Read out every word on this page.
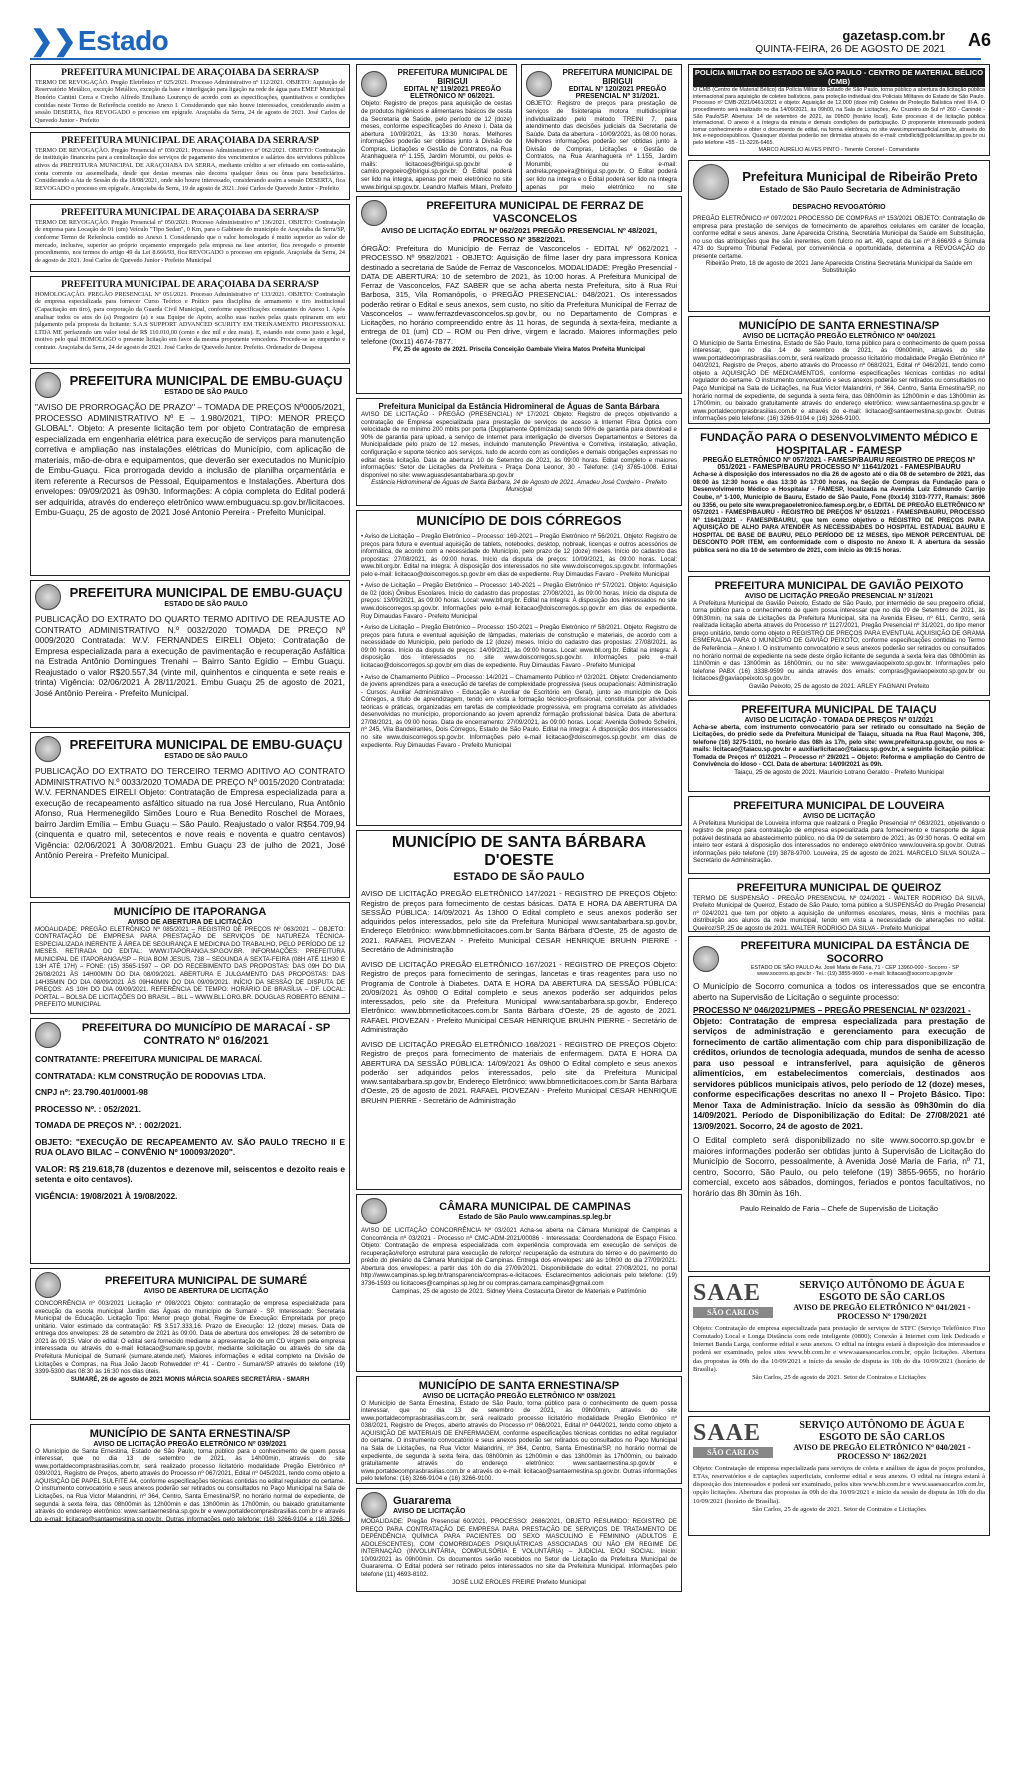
❯❯Estado	gazetasp.com.br
QUINTA-FEIRA, 26 DE AGOSTO DE 2021 A6
PREFEITURA MUNICIPAL DE ARAÇOIABA DA SERRA/SP
TERMO DE REVOGAÇÃO. Pregão Eletrônico nº 025/2021. Processo Administrativo nº 112/2021. OBJETO: Aquisição de Reservatório Metálico, exceção Metálico, exceção da base e interligação para ligação na rede de água para EMEF Municipal Honório Cantini Cerca e Crecho Alfredo Emiliano Lourenço de acordo com as especificações, quantitativos e condições contidas neste Termo de Referência contido no Anexo I. Considerando que não houve interessados, considerando assim a sessão DESERTA, fica REVOGADO o processo em epígrafe. Araçoiaba da Serra, 24 de agosto de 2021. José Carlos de Quevedo Junior - Prefeito
PREFEITURA MUNICIPAL DE ARAÇOIABA DA SERRA/SP
TERMO DE REVOGAÇÃO. Pregão Presencial nº 030/2021. Processo Administrativo nº 062/2021. OBJETO: Contratação de instituição financeira para a centralização dos serviços de pagamento dos vencimentos e salários dos servidores públicos ativos da PREFEITURA MUNICIPAL DE ARAÇOIABA DA SERRA, mediante crédito a ser efetuado em conta-salário, conta corrente ou assemelhada, desde que destas mesmas não decorra qualquer ônus ou ônus para beneficiários. Considerando a Ata de Sessão do dia 18/08/2021, onde não houve interessado, considerando assim a sessão DESERTA, fica REVOGADO o processo em epígrafe. Araçoiaba da Serra, 19 de agosto de 2021. José Carlos de Quevedo Junior - Prefeito
PREFEITURA MUNICIPAL DE ARAÇOIABA DA SERRA/SP
TERMO DE REVOGAÇÃO. Pregão Presencial nº 050/2021. Processo Administrativo nº 136/2021. OBJETO: Contratação de empresa para Locação de 01 (um) Veículo "Tipo Sedan", 0 Km, para o Gabinete do município de Araçoiaba da Serra/SP, conforme Termo de Referência contido no Anexo I. Considerando que o valor homologado é muito superior ao valor de mercado, inclusive, superior ao próprio orçamento empregado pela empresa na fase anterior, fica revogado o presente procedimento, nos termos do artigo 49 da Lei 8.666/93, fica REVOGADO o processo em epígrafe. Araçoiaba da Serra, 24 de agosto de 2021. José Carlos de Quevedo Junior - Prefeito Municipal
PREFEITURA MUNICIPAL DE ARAÇOIABA DA SERRA/SP
HOMOLOGAÇÃO. PREGÃO PRESENCIAL Nº 051/2021. Processo Administrativo nº 133/2021. OBJETO: Contratação de empresa especializada para fornecer Curso Teórico e Prático para disciplina de armamento e tiro institucional (Capacitação em tiro), para corporação da Guarda Civil Municipal, conforme especificações constantes do Anexo I. Após analisar todos os atos do (a) Pregoeiro (a) e sua Equipe de Apoio, acolho suas razões pelas quais opinaram em seu julgamento pela proposta da licitante: S.A.S SUPPORT ADVANCED SCURITY EM TREINAMENTO PROFISSIONAL LTDA ME perfazendo um valor total de R$ 110.010,00 (cento e dez mil e dez reais). E, estando este como justo e legal, motivo pelo qual HOMOLOGO o presente licitação em favor da mesma proponente vencedora. Procede-se ao empenho e contrato. Araçoiaba da Serra, 24 de agosto de 2021. José Carlos de Quevedo Junior. Prefeito. Ordenador de Despesa
PREFEITURA MUNICIPAL DE EMBU-GUAÇU
ESTADO DE SÃO PAULO
"AVISO DE PRORROGAÇÃO DE PRAZO" – TOMADA DE PREÇOS Nº0005/2021, PROCESSO ADMINISTRATIVO Nº E – 1.980/2021, TIPO: MENOR PREÇO GLOBAL". Objeto: A presente licitação tem por objeto Contratação de empresa especializada em engenharia elétrica para execução de serviços para manutenção corretiva e ampliação nas instalações elétricas do Município, com aplicação de materiais, mão-de-obra e equipamentos, que deverão ser executados no Município de Embu-Guaçu. Fica prorrogada devido a inclusão de planilha orçamentária e item referente a Recursos de Pessoal, Equipamentos e Instalações. Abertura dos envelopes: 09/09/2021 às 09h30. Informações: A cópia completa do Edital poderá ser adquirida, através do endereço eletrônico www.embuguacu.sp.gov.br/licitacoes. Embu-Guaçu, 25 de agosto de 2021 José Antonio Pereira - Prefeito Municipal.
PREFEITURA MUNICIPAL DE EMBU-GUAÇU
ESTADO DE SÃO PAULO
PUBLICAÇÃO DO EXTRATO DO QUARTO TERMO ADITIVO DE REAJUSTE AO CONTRATO ADMINISTRATIVO N.º 0032/2020 TOMADA DE PREÇO Nº 0009/2020 Contratada: W.V. FERNANDES EIRELI Objeto: Contratação de Empresa especializada para a execução de pavimentação e recuperação Asfáltica na Estrada Antônio Domingues Trenahi – Bairro Santo Egídio – Embu Guaçu. Reajustado o valor R$20.557,34 (vinte mil, quinhentos e cinquenta e sete reais e trinta) Vigência: 02/06/2021 À 28/11/2021. Embu Guaçu 25 de agosto de 2021, José Antônio Pereira - Prefeito Municipal.
PREFEITURA MUNICIPAL DE EMBU-GUAÇU
ESTADO DE SÃO PAULO
PUBLICAÇÃO DO EXTRATO DO TERCEIRO TERMO ADITIVO AO CONTRATO ADMINISTRATIVO N.º 0033/2020 TOMADA DE PREÇO Nº 0015/2020 Contratada: W.V. FERNANDES EIRELI Objeto: Contratação de Empresa especializada para a execução de recapeamento asfáltico situado na rua José Herculano, Rua Antônio Afonso, Rua Hermenegildo Simões Louro e Rua Benedito Roschel de Moraes, bairro Jardim Emília – Embu Guaçu – São Paulo. Reajustado o valor R$54.709,94 (cinquenta e quatro mil, setecentos e nove reais e noventa e quatro centavos) Vigência: 02/06/2021 À 30/08/2021. Embu Guaçu 23 de julho de 2021, José Antônio Pereira - Prefeito Municipal.
MUNICÍPIO DE ITAPORANGA
AVISO DE ABERTURA DE LICITAÇÃO
MODALIDADE: PREGÃO ELETRÔNICO Nº 085/2021 – REGISTRO DE PREÇOS Nº 063/2021 – OBJETO: CONTRATAÇÃO DE EMPRESA PARA PRESTAÇÃO DE SERVIÇOS DE NATUREZA TÉCNICA-ESPECIALIZADA INERENTE À ÁREA DE SEGURANÇA E MEDICINA DO TRABALHO, PELO PERÍODO DE 12 MESES. RETIRADA DO EDITAL: WWW.ITAPORANGA.SP.GOV.BR. INFORMAÇÕES: PREFEITURA MUNICIPAL DE ITAPORANGA/SP – RUA BOM JESUS, 738 – SEGUNDA A SEXTA-FEIRA (08H ATÉ 11H30 E 13H ATÉ 17H) – FONE: (15) 3565-1597 – OP. DO RECEBIMENTO DAS PROPOSTAS: DAS 09H DO DIA 26/08/2021 ÀS 14H00MIN DO DIA 08/09/2021. ABERTURA E JULGAMENTO DAS PROPOSTAS: DAS 14H35MIN DO DIA 08/09/2021 ÀS 09H40MIN DO DIA 09/09/2021. INÍCIO DA SESSÃO DE DISPUTA DE PREÇOS: AS 10H DO DIA 09/09/2021. REFERÊNCIA DE TEMPO: HORÁRIO DE BRASÍLIA – DF. LOCAL: PORTAL – BOLSA DE LICITAÇÕES DO BRASIL – BLL – WWW.BLL.ORG.BR. DOUGLAS ROBERTO BENINI – PREFEITO MUNICIPAL
PREFEITURA DO MUNICÍPIO DE MARACAÍ - SP
CONTRATO Nº 016/2021
CONTRATANTE: PREFEITURA MUNICIPAL DE MARACAÍ.
CONTRATADA: KLM CONSTRUÇÃO DE RODOVIAS LTDA.
CNPJ nº: 23.790.401/0001-98
PROCESSO Nº. : 052/2021.
TOMADA DE PREÇOS Nº. : 002/2021.
OBJETO: "EXECUÇÃO DE RECAPEAMENTO AV. SÃO PAULO TRECHO II E RUA OLAVO BILAC – CONVÊNIO Nº 100093/2020".
VALOR: R$ 219.618,78 (duzentos e dezenove mil, seiscentos e dezoito reais e setenta e oito centavos).
VIGÊNCIA: 19/08/2021 À 19/08/2022.
PREFEITURA MUNICIPAL DE SUMARÉ
AVISO DE ABERTURA DE LICITAÇÃO
CONCORRÊNCIA nº 003/2021 Licitação nº 098/2021 Objeto: contratação de empresa especializada para execução da escola municipal Jardim das Águas do município de Sumaré - SP. Interessado: Secretaria Municipal de Educação. Licitação Tipo: Menor preço global. Regime de Execução: Empreitada por preço unitário. Valor estimado da contratação: R$ 3.517.333,16. Prazo de Execução: 12 (doze) meses. Data de entrega dos envelopes: 28 de setembro de 2021 às 09:00. Data de abertura dos envelopes: 28 de setembro de 2021 às 09:15. Valor do edital: O edital será fornecido mediante a apresentação de um CD virgem pela empresa interessada ou através do e-mail licitacao@sumare.sp.gov.br, mediante solicitação ou através do site da Prefeitura Municipal de Sumaré (sumare.atende.net). Maiores informações e edital completo na Divisão de Licitações e Compras, na Rua João Jacob Rohwedder nº 41 - Centro - Sumaré/SP através do telefone (19) 3399-5300 das 08:30 às 16:30 nos dias úteis.
SUMARÉ, 26 de agosto de 2021 MONIS MÁRCIA SOARES SECRETÁRIA - SMARH
MUNICÍPIO DE SANTA ERNESTINA/SP
AVISO DE LICITAÇÃO PREGÃO ELETRÔNICO Nº 039/2021
O Município de Santa Ernestina, Estado de São Paulo, torna público para o conhecimento de quem possa interessar, que no dia 13 de setembro de 2021, às 14h00min, através do site www.portaldecomprasbrasilias.com.br, será realizado processo licitatório modalidade Pregão Eletrônico nº 039/2021, Registro de Preços, aberto através do Processo nº 067/2021, Edital nº 045/2021, tendo como objeto a AQUISIÇÃO DE PAPEL SULFITE A4, conforme especificações técnicas contidas no edital regulador do certame. O instrumento convocatório e seus anexos poderão ser retirados ou consultados no Paço Municipal na Sala de Licitações, na Rua Victor Malandrini, nº 364, Centro, Santa Ernestina/SP, no horário normal de expediente, de segunda à sexta feira, das 08h00min às 12h00min e das 13h00min às 17h00min, ou baixado gratuitamente através do endereço eletrônico: www.santaernestina.sp.gov.br e www.portaldecomprasbrasilias.com.br e através do e-mail: licitacao@santaernestina.sp.gov.br. Outras informações pelo telefone: (16) 3266-9104 e (16) 3266-
PREFEITURA MUNICIPAL DE BIRIGUI
EDITAL Nº 119/2021 PREGÃO ELETRÔNICO Nº 06/2021.
Objeto: Registro de preços para aquisição de cestas de produtos higiênicos e alimentares básicos de cesta da Secretaria de Saúde, pelo período de 12 (doze) meses, conforme especificações do Anexo I. Data da abertura 10/09/2021, às 13:30 horas. Melhores informações poderão ser obtidas junto à Divisão de Compras, Licitações e Gestão de Contratos, na Rua Aranhaguera nº 1.155, Jardim Morumbi, ou pelos e-mails: licitacoes@birigui.sp.gov.br e camilo.pregoeiro@birigui.sp.gov.br. O Edital poderá ser lido na íntegra, apenas por meio eletrônico no site www.birigui.sp.gov.br. Leandro Maffeis Milani, Prefeito
PREFEITURA MUNICIPAL DE BIRIGUI
EDITAL Nº 120/2021 PREGÃO PRESENCIAL Nº 31/2021.
OBJETO: Registro de preços para prestação de serviços de fisioterapia motora multidisciplinar individualizado pelo método TREINI 7, para atendimento das decisões judiciais da Secretaria de Saúde. Data da abertura - 10/09/2021, às 08:00 horas. Melhores informações poderão ser obtidas junto à Divisão de Compras, Licitações e Gestão de Contratos, na Rua Aranhaguera nº 1.155, Jardim Morumbi, ou e-mail: andrela.pregoeira@birigui.sp.gov.br. O Edital poderá ser lido na íntegra e o Edital poderá ser lido na íntegra apenas por meio eletrônico no site
PREFEITURA MUNICIPAL DE FERRAZ DE VASCONCELOS
AVISO DE LICITAÇÃO EDITAL Nº 062/2021 PREGÃO PRESENCIAL Nº 48/2021, PROCESSO Nº 3582/2021.
ÓRGÃO: Prefeitura do Município de Ferraz de Vasconcelos - EDITAL Nº 062/2021 - PROCESSO Nº 9582/2021 - OBJETO: Aquisição de filme laser dry para impressora Konica destinado a secretaria de Saúde de Ferraz de Vasconcelos. MODALIDADE: Pregão Presencial - DATA DE ABERTURA: 10 de setembro de 2021, às 10:00 horas. A Prefeitura Municipal de Ferraz de Vasconcelos, FAZ SABER que se acha aberta nesta Prefeitura, sito à Rua Rui Barbosa, 315, Vila Romanópolis, o PREGÃO PRESENCIAL: 048/2021. Os interessados poderão retirar o Edital e seus anexos, sem custo, no sítio da Prefeitura Municipal de Ferraz de Vasconcelos – www.ferrazdevasconcelos.sp.gov.br, ou no Departamento de Compras e Licitações, no horário compreendido entre às 11 horas, de segunda à sexta-feira, mediante a entrega de 01 (um) CD – ROM ou Pen drive, virgem e lacrado. Maiores informações pelo telefone (0xx11) 4674-7877.
FV, 25 de agosto de 2021. Priscila Conceição Gambale Vieira Matos Prefeita Municipal
Prefeitura Municipal da Estância Hidromineral de Águas de Santa Bárbara
AVISO DE LICITAÇÃO - PREGÃO (PRESENCIAL) Nº 17/2021 Objeto: Registro de preços objetivando a contratação de Empresa especializada para prestação de serviços de acesso à Internet Fibra Óptica com velocidade de no mínimo 200 mbits por porta (Dupplamente Optimizada) sendo 90% de garantia para download e 90% de garantia para upload, a serviço de Internet para interligação de diversos Departamentos e Setores da Municipalidade pelo prazo de 12 meses, incluindo manutenção Preventiva e Corretiva, instalação, ativação, configuração e suporte técnico aos serviços, tudo de acordo com as condições e demais obrigações expressas no edital desta licitação. Data de abertura: 10 de Setembro de 2021, às 09:00 horas. Edital completo e maiores informações: Setor de Licitações da Prefeitura - Praça Dona Leonor, 30 - Telefone: (14) 3765-1008. Edital disponível no site: www.aguasdesantabarbara.sp.gov.br
Estância Hidromineral de Águas de Santa Bárbara, 24 de Agosto de 2021. Amadeu José Cordeiro - Prefeito Municipal
MUNICÍPIO DE DOIS CÓRREGOS
• Aviso de Licitação – Pregão Eletrônico – Processo: 169-2021 – Pregão Eletrônico nº 56/2021. Objeto: Registro de preços para futura e eventual aquisição de tablets, notebooks, desktop, nobreak, licenças e outros acessórios de informática, de acordo com a necessidade do Município, pelo prazo de 12 (doze) meses. Início do cadastro das propostas: 27/08/2021, às 09:00 horas. Início da disputa de preços: 10/09/2021, às 09:00 horas. Local: www.bll.org.br. Edital na íntegra: À disposição dos interessados no site www.doiscorregos.sp.gov.br. Informações pelo e-mail: licitacao@doiscorregos.sp.gov.br em dias de expediente. Ruy Dimaudas Favaro - Prefeito Municipal
• Aviso de Licitação – Pregão Eletrônico – Processo: 140-2021 – Pregão Eletrônico nº 57/2021. Objeto: Aquisição de 02 (dois) Ônibus Escolares. Início do cadastro das propostas: 27/08/2021, às 09:00 horas. Início da disputa de preços: 13/09/2021, às 09:00 horas. Local: www.bll.org.br. Edital na íntegra: À disposição dos interessados no site www.doiscorregos.sp.gov.br. Informações pelo e-mail licitacao@doiscorregos.sp.gov.br em dias de expediente. Ruy Dimaudas Favaro - Prefeito Municipal
• Aviso de Licitação – Pregão Eletrônico – Processo: 150-2021 – Pregão Eletrônico nº 58/2021. Objeto: Registro de preços para futura e eventual aquisição de lâmpadas, materiais de construção e materiais, de acordo com a necessidade do Município, pelo período de 12 (doze) meses. Início do cadastro das propostas: 27/08/2021, às 09:00 horas. Início da disputa de preços: 14/09/2021, às 09:00 horas. Local: www.bll.org.br. Edital na íntegra: À disposição dos interessados no site www.doiscorregos.sp.gov.br. Informações pelo e-mail licitacao@doiscorregos.sp.gov.br em dias de expediente. Ruy Dimaudas Favaro - Prefeito Municipal
• Aviso de Chamamento Público – Processo: 14/2021 – Chamamento Público nº 02/2021. Objeto: Credenciamento de jovens aprendizes para a execução de tarefas de complexidade progressiva (seus ocupacionais: Administração - Cursos: Auxiliar Administrativo - Educação e Auxiliar de Escritório em Geral), junto ao município de Dois Córregos, a título de aprendizagem, tendo em vista a formação técnico-profissional, constituída por atividades teóricas e práticas, organizadas em tarefas de complexidade progressiva, em programa correlato às atividades desenvolvidas no município, proporcionando ao jovem aprendiz formação profissional básica. Data de abertura: 27/08/2021, às 09:00 horas. Data de encerramento: 27/09/2021, às 09:00 horas. Local: Avenida Gofredo Schelini, nº 245, Vila Bandeirantes, Dois Córregos, Estado de São Paulo. Edital na íntegra: À disposição dos interessados no site www.doiscorregos.sp.gov.br. Informações pelo e-mail licitacao@doiscorregos.sp.gov.br em dias de expediente. Ruy Dimaudas Favaro - Prefeito Municipal
MUNICÍPIO DE SANTA BÁRBARA D'OESTE
ESTADO DE SÃO PAULO
AVISO DE LICITAÇÃO PREGÃO ELETRÔNICO 147/2021 - REGISTRO DE PREÇOS Objeto: Registro de preços para fornecimento de cestas básicas. DATA E HORA DA ABERTURA DA SESSÃO PÚBLICA: 14/09/2021 Às 13h00 O Edital completo e seus anexos poderão ser adquiridos pelos interessados, pelo site da Prefeitura Municipal www.santabarbara.sp.gov.br, Endereço Eletrônico: www.bbmnetlicitacoes.com.br Santa Bárbara d'Oeste, 25 de agosto de 2021. RAFAEL PIOVEZAN - Prefeito Municipal CESAR HENRIQUE BRUHN PIERRE - Secretário de Administração
AVISO DE LICITAÇÃO PREGÃO ELETRÔNICO 167/2021 - REGISTRO DE PREÇOS Objeto: Registro de preços para fornecimento de seringas, lancetas e tiras reagentes para uso no Programa de Controle à Diabetes. DATA E HORA DA ABERTURA DA SESSÃO PÚBLICA: 20/09/2021 Às 09h00 O Edital completo e seus anexos poderão ser adquiridos pelos interessados, pelo site da Prefeitura Municipal www.santabarbara.sp.gov.br, Endereço Eletrônico: www.bbmnetlicitacoes.com.br Santa Bárbara d'Oeste, 25 de agosto de 2021. RAFAEL PIOVEZAN - Prefeito Municipal CESAR HENRIQUE BRUHN PIERRE - Secretário de Administração
AVISO DE LICITAÇÃO PREGÃO ELETRÔNICO 168/2021 - REGISTRO DE PREÇOS Objeto: Registro de preços para fornecimento de materiais de enfermagem. DATA E HORA DA ABERTURA DA SESSÃO PÚBLICA: 14/09/2021 Às 09h00 O Edital completo e seus anexos poderão ser adquiridos pelos interessados, pelo site da Prefeitura Municipal www.santabarbara.sp.gov.br, Endereço Eletrônico: www.bbmnetlicitacoes.com.br Santa Bárbara d'Oeste, 25 de agosto de 2021. RAFAEL PIOVEZAN - Prefeito Municipal CESAR HENRIQUE BRUHN PIERRE - Secretário de Administração
CÂMARA MUNICIPAL DE CAMPINAS
Estado de São Paulo www.campinas.sp.leg.br
AVISO DE LICITAÇÃO CONCORRÊNCIA Nº 03/2021 Acha-se aberta na Câmara Municipal de Campinas a Concorrência nº 03/2021 - Processo nº CMC-ADM-2021/00086 - Interessada: Coordenadoria de Espaço Físico. Objeto: Contratação de empresa especializada com experiência comprovada em execução de serviços de recuperação/reforço estrutural para execução de reforço/ recuperação da estrutura do térreo e do pavimento do prédio do plenário da Câmara Municipal de Campinas. Entrega dos envelopes: até às 10h00 do dia 27/09/2021. Abertura dos envelopes: a partir das 10h do dia 27/09/2021. Disponibilidade do edital: 27/08/2021, no portal http://www.campinas.sp.leg.br/transparencia/compras-e-licitacoes. Esclarecimentos adicionais pelo telefone: (19) 3736-1593 ou licitacoes@campinas.sp.leg.br ou compras.camara.campinas@gmail.com
Campinas, 25 de agosto de 2021. Sidney Vieira Costacurta Diretor de Materiais e Patrimônio
MUNICÍPIO DE SANTA ERNESTINA/SP
AVISO DE LICITAÇÃO PREGÃO ELETRÔNICO Nº 038/2021
O Município de Santa Ernestina, Estado de São Paulo, torna público para o conhecimento de quem possa interessar, que no dia 13 de setembro de 2021, às 09h00min, através do site www.portaldecomprasbrasilias.com.br, será realizado processo licitatório modalidade Pregão Eletrônico nº 038/2021, Registro de Preços, aberto através do Processo nº 066/2021, Edital nº 044/2021, tendo como objeto a AQUISIÇÃO DE MATERIAIS DE ENFERMAGEM, conforme especificações técnicas contidas no edital regulador do certame. O instrumento convocatório e seus anexos poderão ser retirados ou consultados no Paço Municipal na Sala de Licitações, na Rua Victor Malandrini, nº 364, Centro, Santa Ernestina/SP, no horário normal de expediente, de segunda à sexta feira, das 08h00min às 12h00min e das 13h00min às 17h00min, ou baixado gratuitamente através do endereço eletrônico: www.santaernestina.sp.gov.br e www.portaldecomprasbrasilias.com.br e através do e-mail: licitacao@santaernestina.sp.gov.br. Outras informações pelo telefone: (16) 3266-9104 e (16) 3266-9100.
Guararema
AVISO DE LICITAÇÃO
MODALIDADE: Pregão Presencial 60/2021, PROCESSO: 2686/2021, OBJETO RESUMIDO: REGISTRO DE PREÇO PARA CONTRATAÇÃO DE EMPRESA PARA PRESTAÇÃO DE SERVIÇOS DE TRATAMENTO DE DEPENDÊNCIA QUÍMICA PARA PACIENTES DO SEXO MASCULINO E FEMININO (ADULTOS E ADOLESCENTES), COM COMORBIDADES PSIQUIÁTRICAS ASSOCIADAS OU NÃO EM REGIME DE INTERNAÇÃO (INVOLUNTÁRIA, COMPULSÓRIA E VOLUNTÁRIA) – JUDICIAL E/OU SOCIAL. Início: 10/09/2021 às 09h00min. Os documentos serão recebidos no Setor de Licitação da Prefeitura Municipal de Guararema. O Edital poderá ser retirado pelos interessados no site da Prefeitura Municipal. Informações pelo telefone (11) 4693-8102.
JOSÉ LUIZ EROLES FREIRE Prefeito Municipal
POLÍCIA MILITAR DO ESTADO DE SÃO PAULO - CENTRO DE MATERIAL BÉLICO (CMB)
O CMB (Centro de Material Bélico) da Polícia Militar do Estado de São Paulo, torna público a abertura da licitação pública internacional para aquisição de coletes balísticos, para proteção individual dos Policiais Militares do Estado de São Paulo. Processo nº CMB-2021/0461/2021 e objeto: Aquisição de 12.000 (doze mil) Coletes de Proteção Balística nível III-A. O procedimento será realizado no dia 14/09/2021, às 09h00, na Sala de Licitações, Av. Cruzeiro do Sul nº 260 - Canindé - São Paulo/SP. Abertura: 14 de setembro de 2021, às 09h00 (horário local). Este processo é de licitação pública internacional. O anexo é a íntegra da minuta e demais condições de participação. O proponente interessado poderá tomar conhecimento e obter o documento de edital, na forma eletrônica, no site www.imprensaoficial.com.br, através do link e-negociospublicos. Quaisquer dúvidas poderão ser dirimidas através do e-mail: cmbdlicit@policiamilitar.sp.gov.br ou pelo telefone +55 - 11-3226-6465.
MARCO AURÉLIO ALVES PINTO - Tenente Coronel - Comandante
Prefeitura Municipal de Ribeirão Preto
Estado de São Paulo Secretaria de Administração
DESPACHO REVOGATÓRIO
PREGÃO ELETRÔNICO nº 097/2021 PROCESSO DE COMPRAS nº 153/2021 OBJETO: Contratação de empresa para prestação de serviços de fornecimento de aparelhos celulares em caráter de locação, conforme edital e seus anexos. Jane Aparecida Cristina, Secretária Municipal da Saúde em Substituição, no uso das atribuições que lhe são inerentes, com fulcro no art. 49, caput da Lei nº 8.666/93 e Súmula 473 do Supremo Tribunal Federal, por conveniência e oportunidade, determina a REVOGAÇÃO do presente certame.
Ribeirão Preto, 18 de agosto de 2021 Jane Aparecida Cristina Secretária Municipal da Saúde em Substituição
MUNICÍPIO DE SANTA ERNESTINA/SP
AVISO DE LICITAÇÃO PREGÃO ELETRÔNICO Nº 040/2021
O Município de Santa Ernestina, Estado de São Paulo, torna público para o conhecimento de quem possa interessar, que no dia 14 de setembro de 2021, às 09h00min, através do site www.portaldecomprasbrasilias.com.br, será realizado processo licitatório modalidade Pregão Eletrônico nº 040/2021, Registro de Preços, aberto através do Processo nº 068/2021, Edital nº 046/2021, tendo como objeto a AQUISIÇÃO DE MEDICAMENTOS, conforme especificações técnicas contidas no edital regulador do certame. O instrumento convocatório e seus anexos poderão ser retirados ou consultados no Paço Municipal na Sala de Licitações, na Rua Victor Malandrini, nº 364, Centro, Santa Ernestina/SP, no horário normal de expediente, de segunda à sexta feira, das 08h00min às 12h00min e das 13h00min às 17h00min, ou baixado gratuitamente através do endereço eletrônico: www.santaernestina.sp.gov.br e www.portaldecomprasbrasilias.com.br e através do e-mail: licitacao@santaernestina.sp.gov.br. Outras informações pelo telefone: (16) 3266-9104 e (16) 3266-9100.
FUNDAÇÃO PARA O DESENVOLVIMENTO MÉDICO E HOSPITALAR - FAMESP
PREGÃO ELETRÔNICO Nº 057/2021 - FAMESP/BAURU REGISTRO DE PREÇOS Nº 051/2021 - FAMESP/BAURU PROCESSO Nº 11641/2021 - FAMESP/BAURU
Acha-se à disposição dos interessados no dia 26 de agosto até o dia 08 de setembro de 2021, das 08:00 às 12:30 horas e das 13:30 às 17:00 horas, na Seção de Compras da Fundação para o Desenvolvimento Médico e Hospitalar - FAMESP, localizada na Avenida Luiz Edmundo Carrijo Coube, nº 1-100, Município de Bauru, Estado de São Paulo, Fone (0xx14) 3103-7777, Ramais: 3606 ou 3356, ou pelo site www.pregaoeletronico.famesp.org.br, o EDITAL DE PREGÃO ELETRÔNICO Nº 057/2021 - FAMESP/BAURU - REGISTRO DE PREÇOS Nº 051/2021 - FAMESP/BAURU, PROCESSO Nº 11641/2021 - FAMESP/BAURU, que tem como objetivo o REGISTRO DE PREÇOS PARA AQUISIÇÃO DE ALHO PARA ATENDER AS NECESSIDADES DO HOSPITAL ESTADUAL BAURU E HOSPITAL DE BASE DE BAURU, PELO PERÍODO DE 12 MESES, tipo MENOR PERCENTUAL DE DESCONTO POR ITEM, em conformidade com o disposto no Anexo II. A abertura da sessão pública será no dia 10 de setembro de 2021, com início às 09:15 horas.
PREFEITURA MUNICIPAL DE GAVIÃO PEIXOTO
AVISO DE LICITAÇÃO PREGÃO PRESENCIAL Nº 31/2021
A Prefeitura Municipal de Gavião Peixoto, Estado de São Paulo, por intermédio de seu pregoeiro oficial, torna público para o conhecimento de quem possa interessar que no dia 09 de Setembro de 2021, às 09h30min, na sala de Licitações da Prefeitura Municipal, sita na Avenida Eliseu, nº 611, Centro, será realizada licitação aberta através do Processo nº 1127/2021, Pregão Presencial nº 31/2021, do tipo menor preço unitário, tendo como objeto o REGISTRO DE PREÇOS PARA EVENTUAL AQUISIÇÃO DE GRAMA ESMERALDA PARA O MUNICÍPIO DE GAVIÃO PEIXOTO, conforme especificações contidas no Termo de Referência – Anexo I. O instrumento convocatório e seus anexos poderão ser retirados ou consultados no horário normal de expediente na sede deste órgão licitante de segunda à sexta feira das 08h00min às 11h00min e das 13h00min às 16h00min, ou no site: www.gaviaopeixoto.sp.gov.br. Informações pelo telefone PABX (16) 3338-9599 ou ainda através dos emails: compras@gaviaopeixoto.sp.gov.br ou licitacoes@gaviaopeixoto.sp.gov.br.
Gavião Peixoto, 25 de agosto de 2021. ARLEY FAGNANI Prefeito
PREFEITURA MUNICIPAL DE TAIAÇU
AVISO DE LICITAÇÃO - TOMADA DE PREÇOS Nº 01/2021
Acha-se aberta, com instrumento convocatório para ser retirado ou consultado na Seção de Licitações, do prédio sede da Prefeitura Municipal de Taiaçu, situada na Rua Raul Maçone, 306, telefone (16) 3275-1101, no horário das 08h às 17h, pelo site: www.prefeitura.sp.gov.br, ou nos e-mails: licitacao@taiacu.sp.gov.br e auxiliarlicitacao@taiacu.sp.gov.br, a seguinte licitação pública: Tomada de Preços nº 01/2021 – Processo nº 29/2021 – Objeto: Reforma e ampliação do Centro de Convivência do Idoso - CCI. Data de abertura: 14/09/2021 às 09h.
Taiaçu, 25 de agosto de 2021. Maurício Lotrano Geraldo - Prefeito Municipal
PREFEITURA MUNICIPAL DE LOUVEIRA
AVISO DE LICITAÇÃO
A Prefeitura Municipal de Louveira informa que realizará o Pregão Presencial nº 063/2021, objetivando o registro de preço para contratação de empresa especializada para fornecimento e transporte de água potável destinada ao abastecimento público, no dia 09 de setembro de 2021, às 09:30 horas. O edital em inteiro teor estará à disposição dos interessados no endereço eletrônico www.louveira.sp.gov.br. Outras informações pelo telefone (19) 3878-9700. Louveira, 25 de agosto de 2021. MARCELO SILVA SOUZA – Secretário de Administração.
PREFEITURA MUNICIPAL DE QUEIROZ
TERMO DE SUSPENSÃO - PREGÃO PRESENCIAL Nº 024/2021 - WALTER RODRIGO DA SILVA, Prefeito Municipal de Queiroz, Estado de São Paulo, torna público a SUSPENSÃO do Pregão Presencial nº 024/2021 que tem por objeto a aquisição de uniformes escolares, meias, tênis e mochilas para distribuição aos alunos da rede municipal, tendo em vista a necessidade de alterações no edital. Queiroz/SP, 25 de agosto de 2021. WALTER RODRIGO DA SILVA - Prefeito Municipal
PREFEITURA MUNICIPAL DA ESTÂNCIA DE SOCORRO
ESTADO DE SÃO PAULO Av. José Maria de Faria, 71 - CEP 13960-000 - Socorro - SP www.socorro.sp.gov.br - Tel.: (19) 3855-9600 - e-mail: licitacao@socorro.sp.gov.br
O Município de Socorro comunica a todos os interessados que se encontra aberto na Supervisão de Licitação o seguinte processo:
PROCESSO Nº 046/2021/PMES – PREGÃO PRESENCIAL Nº 023/2021 -
Objeto: Contratação de empresa especializada para prestação de serviços de administração e gerenciamento para execução de fornecimento de cartão alimentação com chip para disponibilização de créditos, oriundos de tecnologia adequada, mundos de senha de acesso para uso pessoal e intransferível, para aquisição de gêneros alimentícios, em estabelecimentos comerciais, destinados aos servidores públicos municipais ativos, pelo período de 12 (doze) meses, conforme especificações descritas no anexo II – Projeto Básico. Tipo: Menor Taxa de Administração. Início da sessão às 09h30min do dia 14/09/2021. Período de Disponibilização do Edital: De 27/08/2021 até 13/09/2021. Socorro, 24 de agosto de 2021.
O Edital completo será disponibilizado no site www.socorro.sp.gov.br e maiores informações poderão ser obtidas junto à Supervisão de Licitação do Município de Socorro, pessoalmente, à Avenida José Maria de Faria, nº 71, centro, Socorro, São Paulo, ou pelo telefone (19) 3855-9655, no horário comercial, exceto aos sábados, domingos, feriados e pontos facultativos, no horário das 8h 30min às 16h.
Paulo Reinaldo de Faria – Chefe de Supervisão de Licitação
SAAE
SÃO CARLOS
SERVIÇO AUTÔNOMO DE ÁGUA E ESGOTO DE SÃO CARLOS
AVISO DE PREGÃO ELETRÔNICO Nº 041/2021 - PROCESSO Nº 1790/2021
Objeto: Contratação de empresa especializada para prestação de serviços de STFC (Serviço Telefônico Fixo Comutado) Local e Longa Distância com rede inteligente (0800); Conexão à Internet com link Dedicado e Internet Banda Larga, conforme edital e seus anexos. O edital na íntegra estará à disposição dos interessados e poderá ser examinado, pelos sites www.bb.com.br e www.saaesaocarlos.com.br, opção licitações. Abertura das propostas às 09h do dia 10/09/2021 e início da sessão de disputa às 10h do dia 10/09/2021 (horário de Brasília).
São Carlos, 25 de agosto de 2021. Setor de Contratos e Licitações
SAAE
SÃO CARLOS
SERVIÇO AUTÔNOMO DE ÁGUA E ESGOTO DE SÃO CARLOS
AVISO DE PREGÃO ELETRÔNICO Nº 040/2021 - PROCESSO Nº 1862/2021
Objeto: Contratação de empresa especializada para serviços de coleta e análises de água de poços profundos, ETAs, reservatórios e de captações superficiais, conforme edital e seus anexos. O edital na íntegra estará à disposição dos interessados e poderá ser examinado, pelos sites www.bb.com.br e www.saaesaocarlos.com.br, opção licitações. Abertura das propostas às 09h do dia 10/09/2021 e início da sessão de disputa às 10h do dia 10/09/2021 (horário de Brasília).
São Carlos, 25 de agosto de 2021. Setor de Contratos e Licitações
